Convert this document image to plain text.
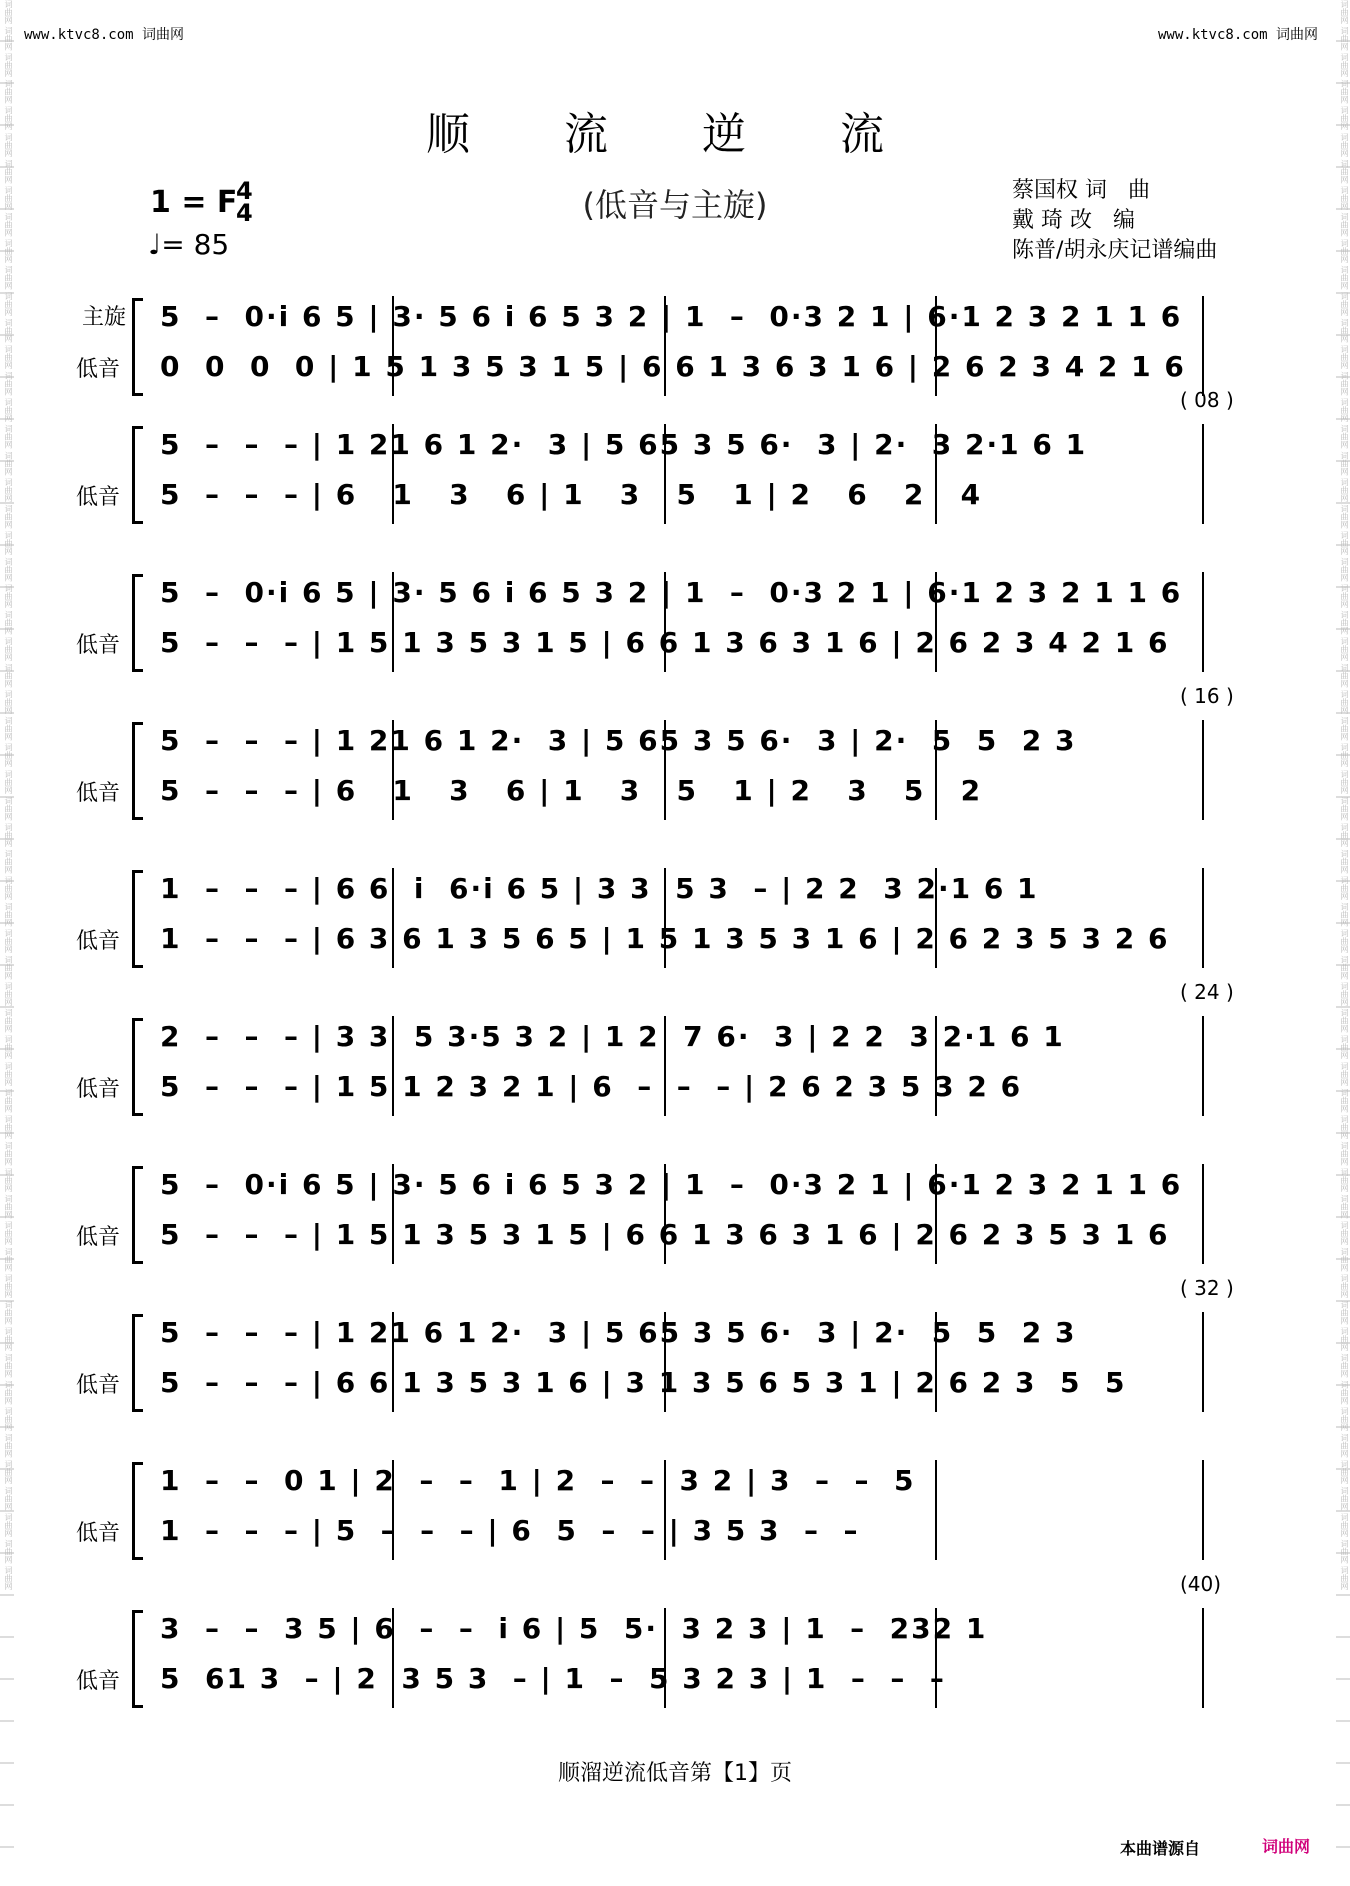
词曲网 词曲网 词曲网 词曲网 词曲网 词曲网 词曲网 词曲网 词曲网 词曲网 词曲网 词曲网 词曲网 词曲网 词曲网 词曲网 词曲网 词曲网 词曲网 词曲网 词曲网 词曲网 词曲网 词曲网 词曲网 词曲网 词曲网 词曲网 词曲网 词曲网 词曲网 词曲网 词曲网 词曲网 词曲网 词曲网 词曲网 词曲网 词曲网 词曲网 词曲网 词曲网 词曲网 词曲网 词曲网 词曲网 词曲网 词曲网 词曲网 词曲网 词曲网 词曲网 词曲网 词曲网 词曲网 词曲网 词曲网 词曲网 词曲网 词曲网	词曲网 词曲网 词曲网 词曲网 词曲网 词曲网 词曲网 词曲网 词曲网 词曲网 词曲网 词曲网 词曲网 词曲网 词曲网 词曲网 词曲网 词曲网 词曲网 词曲网 词曲网 词曲网 词曲网 词曲网 词曲网 词曲网 词曲网 词曲网 词曲网 词曲网 词曲网 词曲网 词曲网 词曲网 词曲网 词曲网 词曲网 词曲网 词曲网 词曲网 词曲网 词曲网 词曲网 词曲网 词曲网 词曲网 词曲网 词曲网 词曲网 词曲网 词曲网 词曲网 词曲网 词曲网 词曲网 词曲网 词曲网 词曲网 词曲网 词曲网
www.ktvc8.com 词曲网	www.ktvc8.com 词曲网
顺 流 逆 流
(低音与主旋)
1 = F
4
4
♩= 85
蔡国权 词   曲
戴 琦 改   编
陈普/胡永庆记谱编曲
主旋
低音
5  –  0·i 6 5 | 3· 5 6 i 6 5 3 2 | 1  –  0·3 2 1 | 6·1 2 3 2 1 1 6
0  0  0  0 | 1 5 1 3 5 3 1 5 | 6 6 1 3 6 3 1 6 | 2 6 2 3 4 2 1 6
低音
5  –  –  – | 1 21 6 1 2·  3 | 5 65 3 5 6·  3 | 2·  3 2·1 6 1
5  –  –  – | 6   1   3   6 | 1   3   5   1 | 2   6   2   4
( 08 )
低音
5  –  0·i 6 5 | 3· 5 6 i 6 5 3 2 | 1  –  0·3 2 1 | 6·1 2 3 2 1 1 6
5  –  –  – | 1 5 1 3 5 3 1 5 | 6 6 1 3 6 3 1 6 | 2 6 2 3 4 2 1 6
低音
5  –  –  – | 1 21 6 1 2·  3 | 5 65 3 5 6·  3 | 2·  5  5  2 3
5  –  –  – | 6   1   3   6 | 1   3   5   1 | 2   3   5   2
( 16 )
低音
1  –  –  – | 6 6  i  6·i 6 5 | 3 3  5 3  – | 2 2  3 2·1 6 1
1  –  –  – | 6 3 6 1 3 5 6 5 | 1 5 1 3 5 3 1 6 | 2 6 2 3 5 3 2 6
低音
2  –  –  – | 3 3  5 3·5 3 2 | 1 2  7 6·  3 | 2 2  3 2·1 6 1
5  –  –  – | 1 5 1 2 3 2 1 | 6  –  –  – | 2 6 2 3 5 3 2 6
( 24 )
低音
5  –  0·i 6 5 | 3· 5 6 i 6 5 3 2 | 1  –  0·3 2 1 | 6·1 2 3 2 1 1 6
5  –  –  – | 1 5 1 3 5 3 1 5 | 6 6 1 3 6 3 1 6 | 2 6 2 3 5 3 1 6
低音
5  –  –  – | 1 21 6 1 2·  3 | 5 65 3 5 6·  3 | 2·  5  5  2 3
5  –  –  – | 6 6 1 3 5 3 1 6 | 3 1 3 5 6 5 3 1 | 2 6 2 3  5  5
( 32 )
低音
1  –  –  0 1 | 2  –  –  1 | 2  –  –  3 2 | 3  –  –  5
1  –  –  – | 5  –  –  – | 6  5  –  – | 3 5 3  –  –
低音
3  –  –  3 5 | 6  –  –  i 6 | 5  5·  3 2 3 | 1  –  232 1
5  61 3  – | 2  3 5 3  – | 1  –  5 3 2 3 | 1  –  –  –
(40)
顺溜逆流低音第【1】页
本曲谱源自	词曲网
